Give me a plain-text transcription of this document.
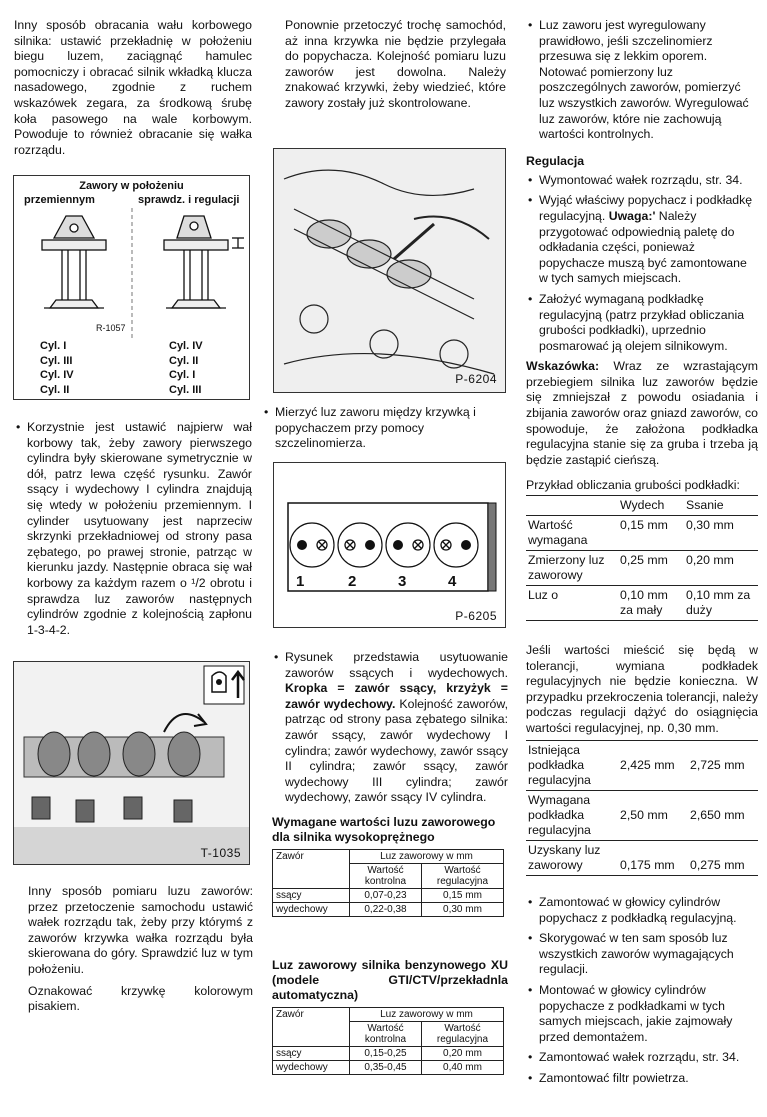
Inny sposób obracania wału korbowego silnika: ustawić przekładnię w położeniu biegu luzem, zaciągnąć hamulec pomocniczy i obracać silnik wkładką klucza nasadowego, zgodnie z ruchem wskazówek zegara, za środkową śrubę koła pasowego na wale korbowym. Powoduje to również obracanie się wałka rozrządu.

Zawory w położeniu
przemiennym	sprawdz. i regulacji
R-1057
Cyl. I
Cyl. III
Cyl. IV
Cyl. II
Cyl. IV
Cyl. II
Cyl. I
Cyl. III
• Korzystnie jest ustawić najpierw wał korbowy tak, żeby zawory pierwszego cylindra były skierowane symetrycznie w dół, patrz lewa część rysunku. Zawór ssący i wydechowy I cylindra znajdują się wtedy w położeniu przemiennym. I cylinder usytuowany jest naprzeciw skrzynki przekładniowej od strony pasa zębatego, po prawej stronie, patrząc w kierunku jazdy. Następnie obraca się wał korbowy za każdym razem o ¹/2 obrotu i sprawdza luz zaworów następnych cylindrów zgodnie z kolejnością zapłonu 1-3-4-2.
T-1035

Inny sposób pomiaru luzu zaworów: przez przetoczenie samochodu ustawić wałek rozrządu tak, żeby przy którymś z zaworów krzywka wałka rozrządu była skierowana do góry. Sprawdzić luz w tym położeniu.

Oznakować krzywkę kolorowym pisakiem.

Ponownie przetoczyć trochę samochód, aż inna krzywka nie będzie przylegała do popychacza. Kolejność pomiaru luzu zaworów jest dowolna. Należy znakować krzywki, żeby wiedzieć, które zawory zostały już skontrolowane.

P-6204
• Mierzyć luz zaworu między krzywką i popychaczem przy pomocy szczelinomierza.
1	2	3	4
P-6205
• Rysunek przedstawia usytuowanie zaworów ssących i wydechowych. Kropka = zawór ssący, krzyżyk = zawór wydechowy. Kolejność zaworów, patrząc od strony pasa zębatego silnika: zawór ssący, zawór wydechowy I cylindra; zawór wydechowy, zawór ssący II cylindra; zawór ssący, zawór wydechowy III cylindra; zawór wydechowy, zawór ssący IV cylindra.
Wymagane wartości luzu zaworowego dla silnika wysokoprężnego
Zawór	Luz zaworowy w mm	
	Wartość kontrolna	Wartość regulacyjna
ssący	0,07-0,23	0,15 mm
wydechowy	0,22-0,38	0,30 mm
Luz zaworowy silnika benzynowego XU (modele GTI/CTV/przekładnla automatyczna)
Zawór	Luz zaworowy w mm	
	Wartość kontrolna	Wartość regulacyjna
ssący	0,15-0,25	0,20 mm
wydechowy	0,35-0,45	0,40 mm
• Luz zaworu jest wyregulowany prawidłowo, jeśli szczelinomierz przesuwa się z lekkim oporem. Notować pomierzony luz poszczególnych zaworów, pomierzyć luz wszystkich zaworów. Wyregulować luz zaworów, które nie zachowują wartości kontrolnych.
Regulacja
• Wymontować wałek rozrządu, str. 34.
• Wyjąć właściwy popychacz i podkładkę regulacyjną. Uwaga:' Należy przygotować odpowiednią paletę do odkładania części, ponieważ popychacze muszą być zamontowane w tych samych miejscach.
• Założyć wymaganą podkładkę regulacyjną (patrz przykład obliczania grubości podkładki), uprzednio posmarować ją olejem silnikowym.

Wskazówka: Wraz ze wzrastającym przebiegiem silnika luz zaworów będzie się zmniejszał z powodu osiadania i zbijania zaworów oraz gniazd zaworów, co spowoduje, że założona podkładka regulacyjna stanie się za gruba i trzeba ją będzie zastąpić cieńszą.

Przykład obliczania grubości podkładki:
	Wydech	Ssanie
Wartość wymagana	0,15 mm	0,30 mm
Zmierzony luz zaworowy	0,25 mm	0,20 mm
Luz o	0,10 mm za mały	0,10 mm za duży

Jeśli wartości mieścić się będą w tolerancji, wymiana podkładek regulacyjnych nie będzie konieczna. W przypadku przekroczenia tolerancji, należy podczas regulacji dążyć do osiągnięcia wartości regulacyjnej, np. 0,30 mm.

Istniejąca podkładka regulacyjna	2,425 mm	2,725 mm
Wymagana podkładka regulacyjna	2,50 mm	2,650 mm
Uzyskany luz zaworowy	0,175 mm	0,275 mm
• Zamontować w głowicy cylindrów popychacz z podkładką regulacyjną.
• Skorygować w ten sam sposób luz wszystkich zaworów wymagających regulacji.
• Montować w głowicy cylindrów popychacze z podkładkami w tych samych miejscach, jakie zajmowały przed demontażem.
• Zamontować wałek rozrządu, str. 34.
• Zamontować filtr powietrza.
